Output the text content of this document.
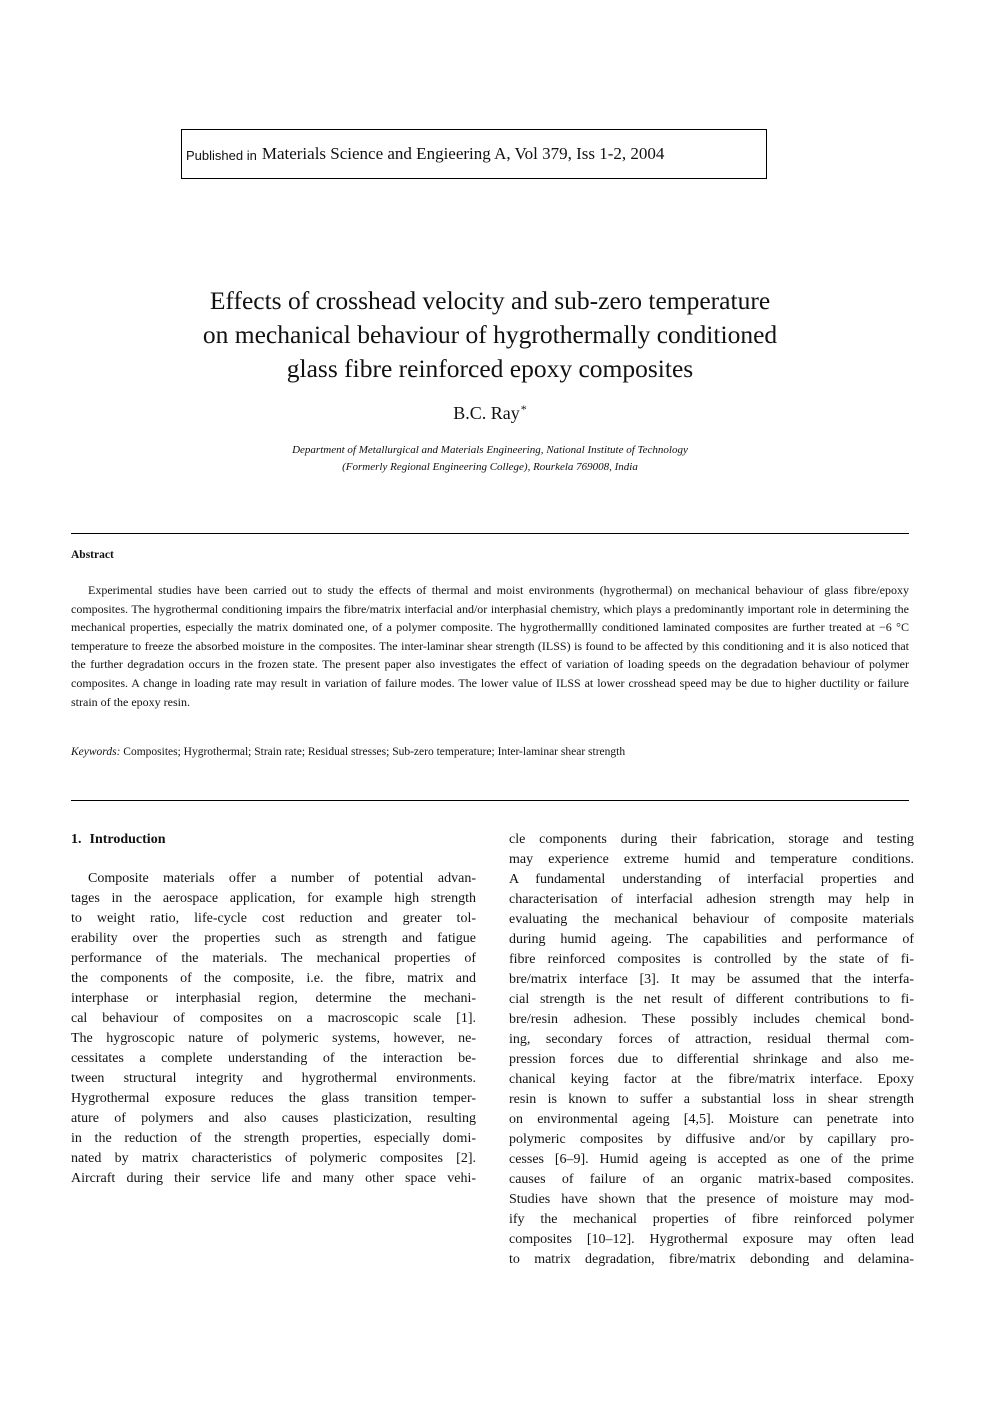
Published in Materials Science and Engieering A, Vol 379, Iss 1-2, 2004
Effects of crosshead velocity and sub-zero temperature
on mechanical behaviour of hygrothermally conditioned
glass fibre reinforced epoxy composites
B.C. Ray*
Department of Metallurgical and Materials Engineering, National Institute of Technology
(Formerly Regional Engineering College), Rourkela 769008, India
Abstract

Experimental studies have been carried out to study the effects of thermal and moist environments (hygrothermal) on mechanical behaviour of glass fibre/epoxy composites. The hygrothermal conditioning impairs the fibre/matrix interfacial and/or interphasial chemistry, which plays a predominantly important role in determining the mechanical properties, especially the matrix dominated one, of a polymer composite. The hygrothermallly conditioned laminated composites are further treated at −6 °C temperature to freeze the absorbed moisture in the composites. The inter-laminar shear strength (ILSS) is found to be affected by this conditioning and it is also noticed that the further degradation occurs in the frozen state. The present paper also investigates the effect of variation of loading speeds on the degradation behaviour of polymer composites. A change in loading rate may result in variation of failure modes. The lower value of ILSS at lower crosshead speed may be due to higher ductility or failure strain of the epoxy resin.

Keywords: Composites; Hygrothermal; Strain rate; Residual stresses; Sub-zero temperature; Inter-laminar shear strength
1. Introduction
Composite materials offer a number of potential advan-
tages in the aerospace application, for example high strength
to weight ratio, life-cycle cost reduction and greater tol-
erability over the properties such as strength and fatigue
performance of the materials. The mechanical properties of
the components of the composite, i.e. the fibre, matrix and
interphase or interphasial region, determine the mechani-
cal behaviour of composites on a macroscopic scale [1].
The hygroscopic nature of polymeric systems, however, ne-
cessitates a complete understanding of the interaction be-
tween structural integrity and hygrothermal environments.
Hygrothermal exposure reduces the glass transition temper-
ature of polymers and also causes plasticization, resulting
in the reduction of the strength properties, especially domi-
nated by matrix characteristics of polymeric composites [2].
Aircraft during their service life and many other space vehi-
cle components during their fabrication, storage and testing
may experience extreme humid and temperature conditions.
A fundamental understanding of interfacial properties and
characterisation of interfacial adhesion strength may help in
evaluating the mechanical behaviour of composite materials
during humid ageing. The capabilities and performance of
fibre reinforced composites is controlled by the state of fi-
bre/matrix interface [3]. It may be assumed that the interfa-
cial strength is the net result of different contributions to fi-
bre/resin adhesion. These possibly includes chemical bond-
ing, secondary forces of attraction, residual thermal com-
pression forces due to differential shrinkage and also me-
chanical keying factor at the fibre/matrix interface. Epoxy
resin is known to suffer a substantial loss in shear strength
on environmental ageing [4,5]. Moisture can penetrate into
polymeric composites by diffusive and/or by capillary pro-
cesses [6–9]. Humid ageing is accepted as one of the prime
causes of failure of an organic matrix-based composites.
Studies have shown that the presence of moisture may mod-
ify the mechanical properties of fibre reinforced polymer
composites [10–12]. Hygrothermal exposure may often lead
to matrix degradation, fibre/matrix debonding and delamina-
